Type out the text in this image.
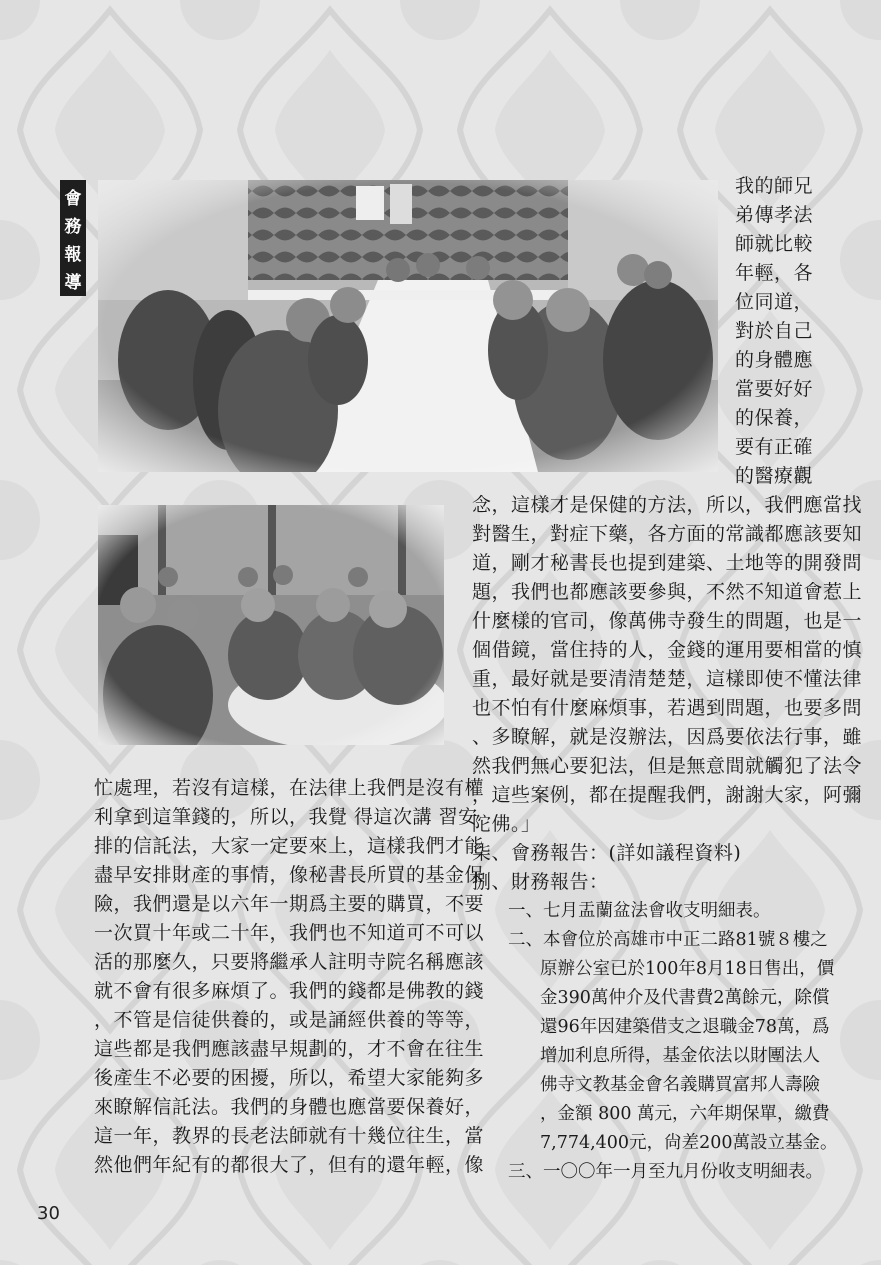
會
務
報
導
我的師兄
弟傳孝法
師就比較
年輕，各
位同道，
對於自己
的身體應
當要好好
的保養，
要有正確
的醫療觀
念，這樣才是保健的方法，所以，我們應當找
對醫生，對症下藥，各方面的常識都應該要知
道，剛才秘書長也提到建築、土地等的開發問
題，我們也都應該要參與，不然不知道會惹上
什麼樣的官司，像萬佛寺發生的問題，也是一
個借鏡，當住持的人，金錢的運用要相當的慎
重，最好就是要清清楚楚，這樣即使不懂法律
也不怕有什麼麻煩事，若遇到問題，也要多問
、多瞭解，就是沒辦法，因爲要依法行事，雖
然我們無心要犯法，但是無意間就觸犯了法令
，這些案例，都在提醒我們，謝謝大家，阿彌
陀佛。」
柒、會務報告：(詳如議程資料)
捌、財務報告：
一、七月盂蘭盆法會收支明細表。
二、本會位於高雄市中正二路81號８樓之
原辦公室已於100年8月18日售出，價
金390萬仲介及代書費2萬餘元，除償
還96年因建築借支之退職金78萬，爲
增加利息所得，基金依法以財團法人
佛寺文教基金會名義購買富邦人壽險
，金額 800 萬元，六年期保單，繳費
7,774,400元，尙差200萬設立基金。
三、一〇〇年一月至九月份收支明細表。
忙處理，若沒有這樣，在法律上我們是沒有權
利拿到這筆錢的，所以，我覺 得這次講 習安
排的信託法，大家一定要來上，這樣我們才能
盡早安排財產的事情，像秘書長所買的基金保
險，我們還是以六年一期爲主要的購買，不要
一次買十年或二十年，我們也不知道可不可以
活的那麼久，只要將繼承人註明寺院名稱應該
就不會有很多麻煩了。我們的錢都是佛教的錢
，不管是信徒供養的，或是誦經供養的等等，
這些都是我們應該盡早規劃的，才不會在往生
後產生不必要的困擾，所以，希望大家能夠多
來瞭解信託法。我們的身體也應當要保養好，
這一年，教界的長老法師就有十幾位往生，當
然他們年紀有的都很大了，但有的還年輕，像
30
